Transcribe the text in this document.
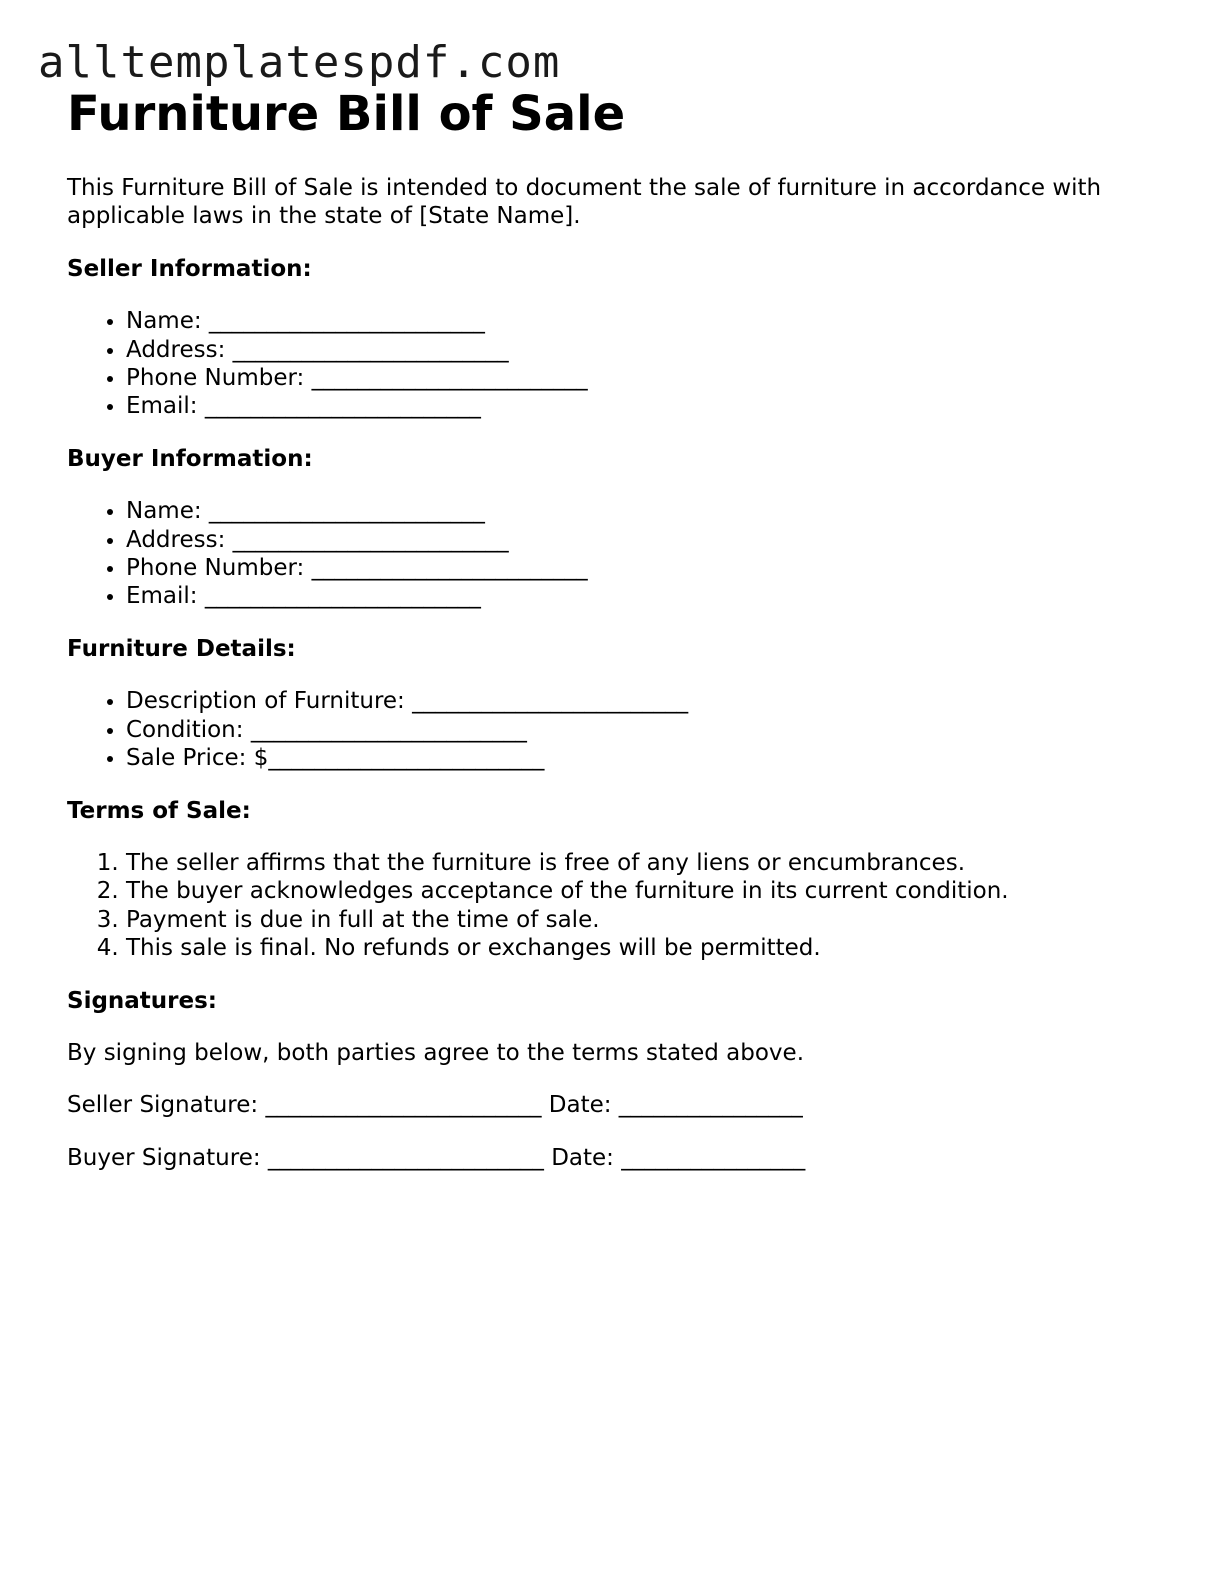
alltemplatespdf.com
Furniture Bill of Sale

This Furniture Bill of Sale is intended to document the sale of furniture in accordance with applicable laws in the state of [State Name].

Seller Information:
• Name: ________________________
• Address: ________________________
• Phone Number: ________________________
• Email: ________________________
Buyer Information:
• Name: ________________________
• Address: ________________________
• Phone Number: ________________________
• Email: ________________________
Furniture Details:
• Description of Furniture: ________________________
• Condition: ________________________
• Sale Price: $________________________
Terms of Sale:
1. The seller affirms that the furniture is free of any liens or encumbrances.
2. The buyer acknowledges acceptance of the furniture in its current condition.
3. Payment is due in full at the time of sale.
4. This sale is final. No refunds or exchanges will be permitted.
Signatures:

By signing below, both parties agree to the terms stated above.

Seller Signature: ________________________ Date: ________________

Buyer Signature: ________________________ Date: ________________
